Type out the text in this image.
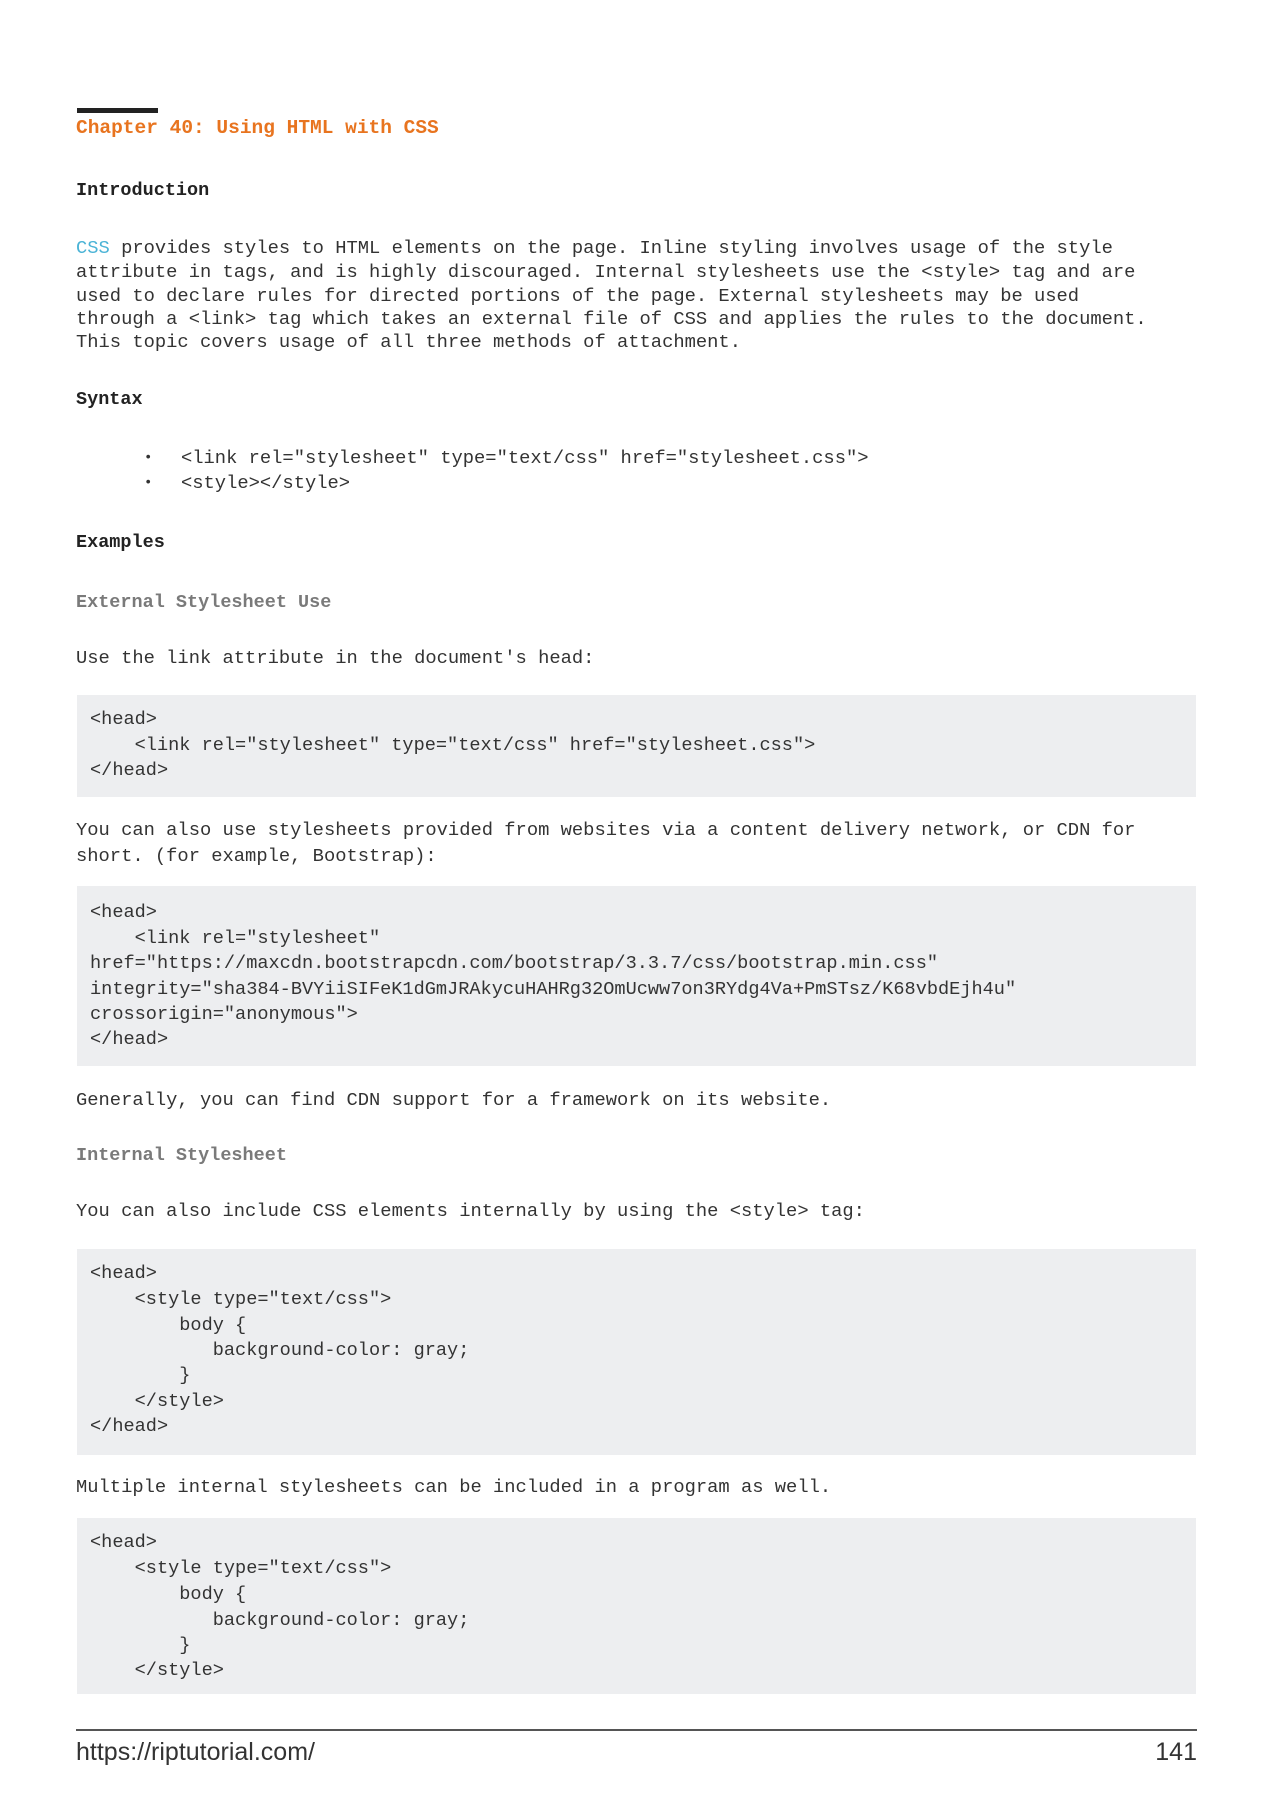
Chapter 40: Using HTML with CSS
Introduction
CSS provides styles to HTML elements on the page. Inline styling involves usage of the style
attribute in tags, and is highly discouraged. Internal stylesheets use the <style> tag and are
used to declare rules for directed portions of the page. External stylesheets may be used
through a <link> tag which takes an external file of CSS and applies the rules to the document.
This topic covers usage of all three methods of attachment.
Syntax
• <link rel="stylesheet" type="text/css" href="stylesheet.css">
• <style></style>
Examples
External Stylesheet Use
Use the link attribute in the document's head:
<head>
<link rel="stylesheet" type="text/css" href="stylesheet.css">
</head>
You can also use stylesheets provided from websites via a content delivery network, or CDN for
short. (for example, Bootstrap):
<head>
<link rel="stylesheet"
href="https://maxcdn.bootstrapcdn.com/bootstrap/3.3.7/css/bootstrap.min.css"
integrity="sha384-BVYiiSIFeK1dGmJRAkycuHAHRg32OmUcww7on3RYdg4Va+PmSTsz/K68vbdEjh4u"
crossorigin="anonymous">
</head>
Generally, you can find CDN support for a framework on its website.
Internal Stylesheet
You can also include CSS elements internally by using the <style> tag:
<head>
<style type="text/css">
body {
background-color: gray;
}
</style>
</head>
Multiple internal stylesheets can be included in a program as well.
<head>
<style type="text/css">
body {
background-color: gray;
}
</style>
https://riptutorial.com/	141
